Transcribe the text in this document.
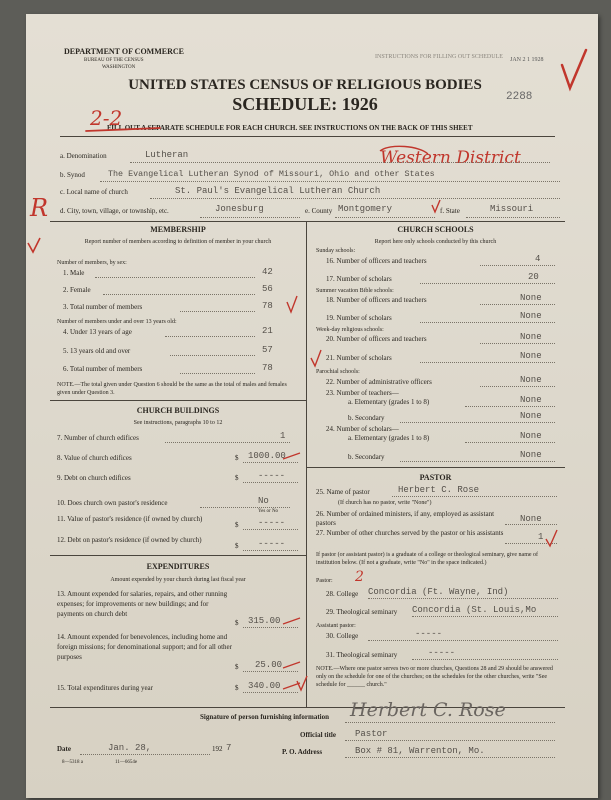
DEPARTMENT OF COMMERCE
BUREAU OF THE CENSUS
WASHINGTON
INSTRUCTIONS FOR FILLING OUT SCHEDULE JAN 2 1 1928
2288
UNITED STATES CENSUS OF RELIGIOUS BODIES
SCHEDULE: 1926
FILL OUT A SEPARATE SCHEDULE FOR EACH CHURCH. SEE INSTRUCTIONS ON THE BACK OF THIS SHEET
2-2
Western District
R
a. Denomination	Lutheran
b. Synod	The Evangelical Lutheran Synod of Missouri, Ohio and other States
c. Local name of church	St. Paul's Evangelical Lutheran Church
d. City, town, village, or township, etc.	Jonesburg	e. County Montgomery	f. State	Missouri
MEMBERSHIP
Report number of members according to definition of member in your church
Number of members, by sex:
1. Male	42
2. Female	56
3. Total number of members	78
Number of members under and over 13 years old:
4. Under 13 years of age	21
5. 13 years old and over	57
6. Total number of members	78
NOTE.—The total given under Question 6 should be the same as the total of males and females given under Question 3.
CHURCH BUILDINGS
See instructions, paragraphs 10 to 12
7. Number of church edifices	1
8. Value of church edifices	$ 1000.00
9. Debt on church edifices	$ -----
10. Does church own pastor's residence	No
Yes or No
11. Value of pastor's residence (if owned by church)
$ -----
12. Debt on pastor's residence (if owned by church)
$ -----
EXPENDITURES
Amount expended by your church during last fiscal year
13. Amount expended for salaries, repairs, and other running expenses; for improvements or new buildings; and for payments on church debt
$ 315.00
14. Amount expended for benevolences, including home and foreign missions; for denominational support; and for all other purposes
$ 25.00
15. Total expenditures during year	$ 340.00
CHURCH SCHOOLS
Report here only schools conducted by this church
Sunday schools:
16. Number of officers and teachers	4
17. Number of scholars	20
Summer vacation Bible schools:
18. Number of officers and teachers	None
19. Number of scholars	None
Week-day religious schools:
20. Number of officers and teachers	None
21. Number of scholars	None
Parochial schools:
22. Number of administrative officers	None
23. Number of teachers—
a. Elementary (grades 1 to 8)	None
b. Secondary	None
24. Number of scholars—
a. Elementary (grades 1 to 8)	None
b. Secondary	None
PASTOR
25. Name of pastor	Herbert C. Rose
(If church has no pastor, write "None")
26. Number of ordained ministers, if any, employed as assistant pastors	None
27. Number of other churches served by the pastor or his assistants	1
If pastor (or assistant pastor) is a graduate of a college or theological seminary, give name of institution below. (If not a graduate, write "No" in the space indicated.)
Pastor: 2
28. College Concordia (Ft. Wayne, Ind)
29. Theological seminary Concordia (St. Louis,Mo
Assistant pastor:
30. College	-----
31. Theological seminary	-----
NOTE.—Where one pastor serves two or more churches, Questions 28 and 29 should be answered only on the schedule for one of the churches; on the schedules for the other churches, write "See schedule for ______ church."
Signature of person furnishing information Herbert C. Rose
Official title Pastor
Date	Jan. 28,	192 7	P. O. Address	Box # 81, Warrenton, Mo.
8—5318 a	11—6654e
